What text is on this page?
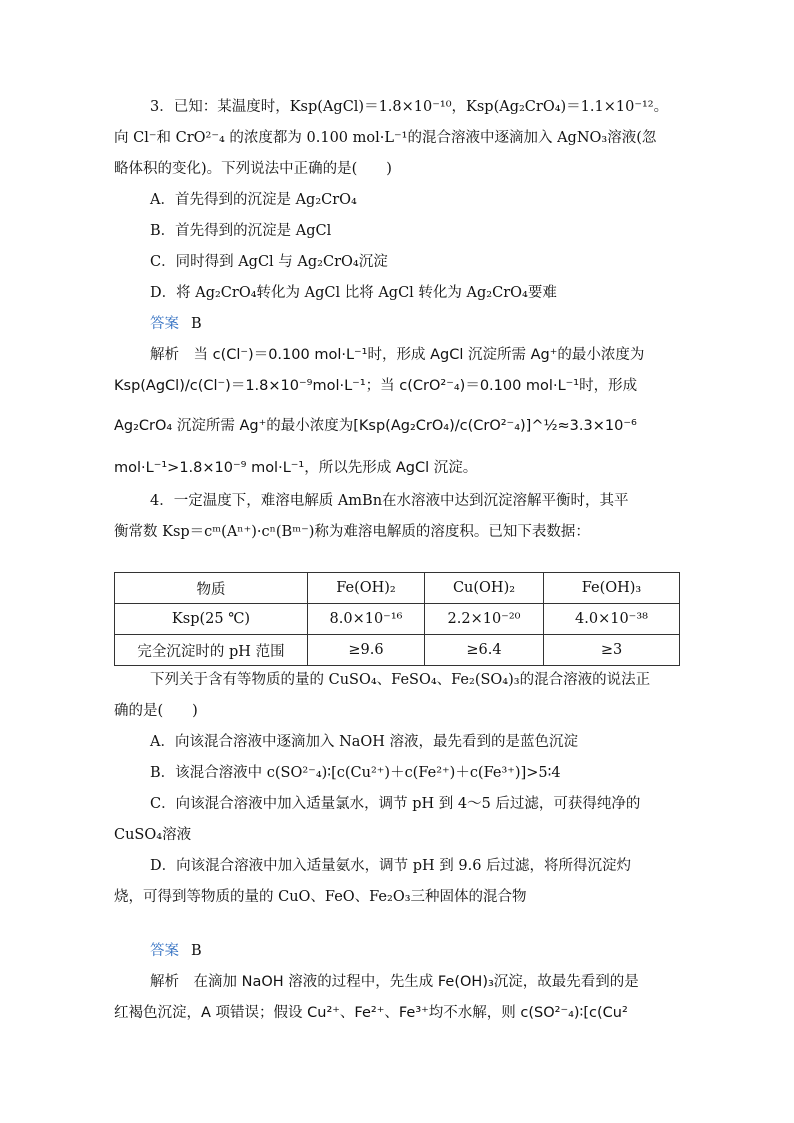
3．已知：某温度时，Ksp(AgCl)＝1.8×10⁻¹⁰，Ksp(Ag₂CrO₄)＝1.1×10⁻¹²。
向 Cl⁻和 CrO²⁻₄ 的浓度都为 0.100 mol·L⁻¹的混合溶液中逐滴加入 AgNO₃溶液(忽
略体积的变化)。下列说法中正确的是(　　)
A．首先得到的沉淀是 Ag₂CrO₄
B．首先得到的沉淀是 AgCl
C．同时得到 AgCl 与 Ag₂CrO₄沉淀
D．将 Ag₂CrO₄转化为 AgCl 比将 AgCl 转化为 Ag₂CrO₄要难
答案 B
解析　当 c(Cl⁻)＝0.100 mol·L⁻¹时，形成 AgCl 沉淀所需 Ag⁺的最小浓度为
Ksp(AgCl)/c(Cl⁻)＝1.8×10⁻⁹mol·L⁻¹；当 c(CrO²⁻₄)＝0.100 mol·L⁻¹时，形成
Ag₂CrO₄ 沉淀所需 Ag⁺的最小浓度为[Ksp(Ag₂CrO₄)/c(CrO²⁻₄)]^½≈3.3×10⁻⁶
mol·L⁻¹>1.8×10⁻⁹ mol·L⁻¹，所以先形成 AgCl 沉淀。
4．一定温度下，难溶电解质 AmBn在水溶液中达到沉淀溶解平衡时，其平
衡常数 Ksp＝cᵐ(Aⁿ⁺)·cⁿ(Bᵐ⁻)称为难溶电解质的溶度积。已知下表数据：
物质	Fe(OH)₂	Cu(OH)₂	Fe(OH)₃
Ksp(25 ℃)	8.0×10⁻¹⁶	2.2×10⁻²⁰	4.0×10⁻³⁸
完全沉淀时的 pH 范围	≥9.6	≥6.4	≥3
下列关于含有等物质的量的 CuSO₄、FeSO₄、Fe₂(SO₄)₃的混合溶液的说法正
确的是(　　)
A．向该混合溶液中逐滴加入 NaOH 溶液，最先看到的是蓝色沉淀
B．该混合溶液中 c(SO²⁻₄)∶[c(Cu²⁺)＋c(Fe²⁺)＋c(Fe³⁺)]>5∶4
C．向该混合溶液中加入适量氯水，调节 pH 到 4～5 后过滤，可获得纯净的
CuSO₄溶液
D．向该混合溶液中加入适量氨水，调节 pH 到 9.6 后过滤，将所得沉淀灼
烧，可得到等物质的量的 CuO、FeO、Fe₂O₃三种固体的混合物
答案 B
解析　在滴加 NaOH 溶液的过程中，先生成 Fe(OH)₃沉淀，故最先看到的是
红褐色沉淀，A 项错误；假设 Cu²⁺、Fe²⁺、Fe³⁺均不水解，则 c(SO²⁻₄)∶[c(Cu²
